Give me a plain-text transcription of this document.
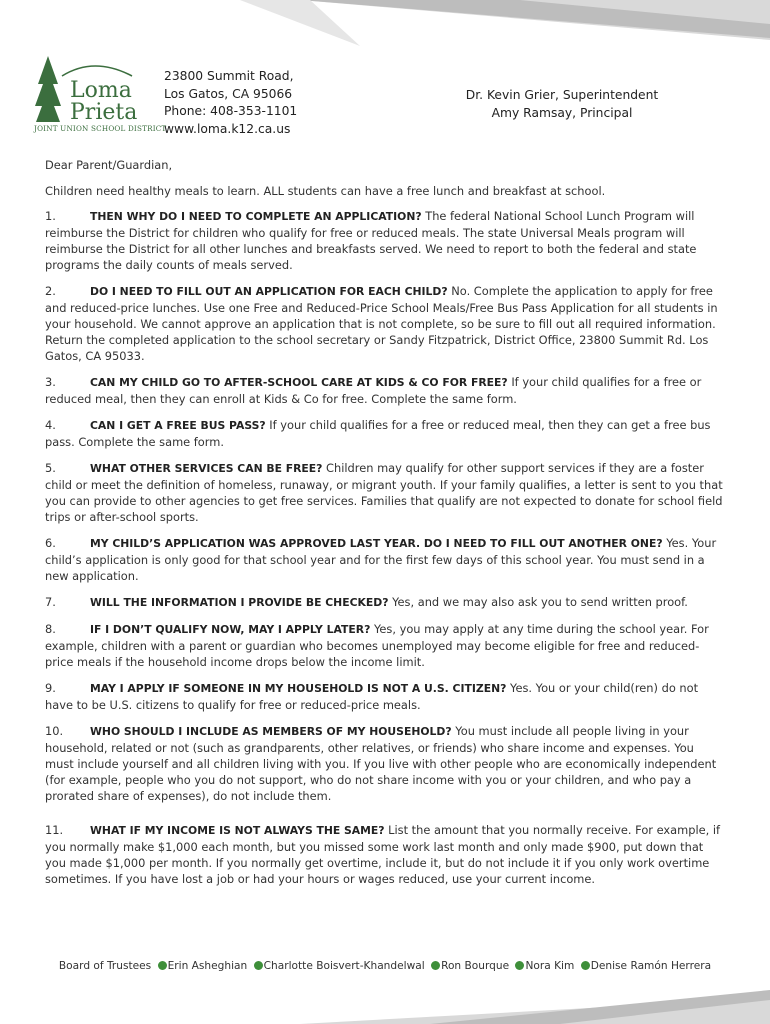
Loma
Prieta
JOINT UNION SCHOOL DISTRICT
23800 Summit Road,
Los Gatos, CA 95066
Phone: 408-353-1101
www.loma.k12.ca.us
Dr. Kevin Grier, Superintendent
Amy Ramsay, Principal

Dear Parent/Guardian,

Children need healthy meals to learn. ALL students can have a free lunch and breakfast at school.

1.	THEN WHY DO I NEED TO COMPLETE AN APPLICATION? The federal National School Lunch Program will reimburse the District for children who qualify for free or reduced meals. The state Universal Meals program will reimburse the District for all other lunches and breakfasts served. We need to report to both the federal and state programs the daily counts of meals served.

2.	DO I NEED TO FILL OUT AN APPLICATION FOR EACH CHILD? No. Complete the application to apply for free and reduced-price lunches. Use one Free and Reduced-Price School Meals/Free Bus Pass Application for all students in your household. We cannot approve an application that is not complete, so be sure to fill out all required information. Return the completed application to the school secretary or Sandy Fitzpatrick, District Office, 23800 Summit Rd. Los Gatos, CA 95033.

3.	CAN MY CHILD GO TO AFTER-SCHOOL CARE AT KIDS & CO FOR FREE? If your child qualifies for a free or reduced meal, then they can enroll at Kids & Co for free. Complete the same form.

4.	CAN I GET A FREE BUS PASS? If your child qualifies for a free or reduced meal, then they can get a free bus pass. Complete the same form.

5.	WHAT OTHER SERVICES CAN BE FREE? Children may qualify for other support services if they are a foster child or meet the definition of homeless, runaway, or migrant youth. If your family qualifies, a letter is sent to you that you can provide to other agencies to get free services. Families that qualify are not expected to donate for school field trips or after-school sports.

6.	MY CHILD’S APPLICATION WAS APPROVED LAST YEAR. DO I NEED TO FILL OUT ANOTHER ONE? Yes. Your child’s application is only good for that school year and for the first few days of this school year. You must send in a new application.

7.	WILL THE INFORMATION I PROVIDE BE CHECKED? Yes, and we may also ask you to send written proof.

8.	IF I DON’T QUALIFY NOW, MAY I APPLY LATER? Yes, you may apply at any time during the school year. For example, children with a parent or guardian who becomes unemployed may become eligible for free and reduced-price meals if the household income drops below the income limit.

9.	MAY I APPLY IF SOMEONE IN MY HOUSEHOLD IS NOT A U.S. CITIZEN? Yes. You or your child(ren) do not have to be U.S. citizens to qualify for free or reduced-price meals.

10. WHO SHOULD I INCLUDE AS MEMBERS OF MY HOUSEHOLD? You must include all people living in your household, related or not (such as grandparents, other relatives, or friends) who share income and expenses. You must include yourself and all children living with you. If you live with other people who are economically independent (for example, people who you do not support, who do not share income with you or your children, and who pay a prorated share of expenses), do not include them.

11. WHAT IF MY INCOME IS NOT ALWAYS THE SAME? List the amount that you normally receive. For example, if you normally make $1,000 each month, but you missed some work last month and only made $900, put down that you made $1,000 per month. If you normally get overtime, include it, but do not include it if you only work overtime sometimes. If you have lost a job or had your hours or wages reduced, use your current income.

Board of Trustees Erin Asheghian Charlotte Boisvert-Khandelwal Ron Bourque Nora Kim Denise Ramón Herrera
